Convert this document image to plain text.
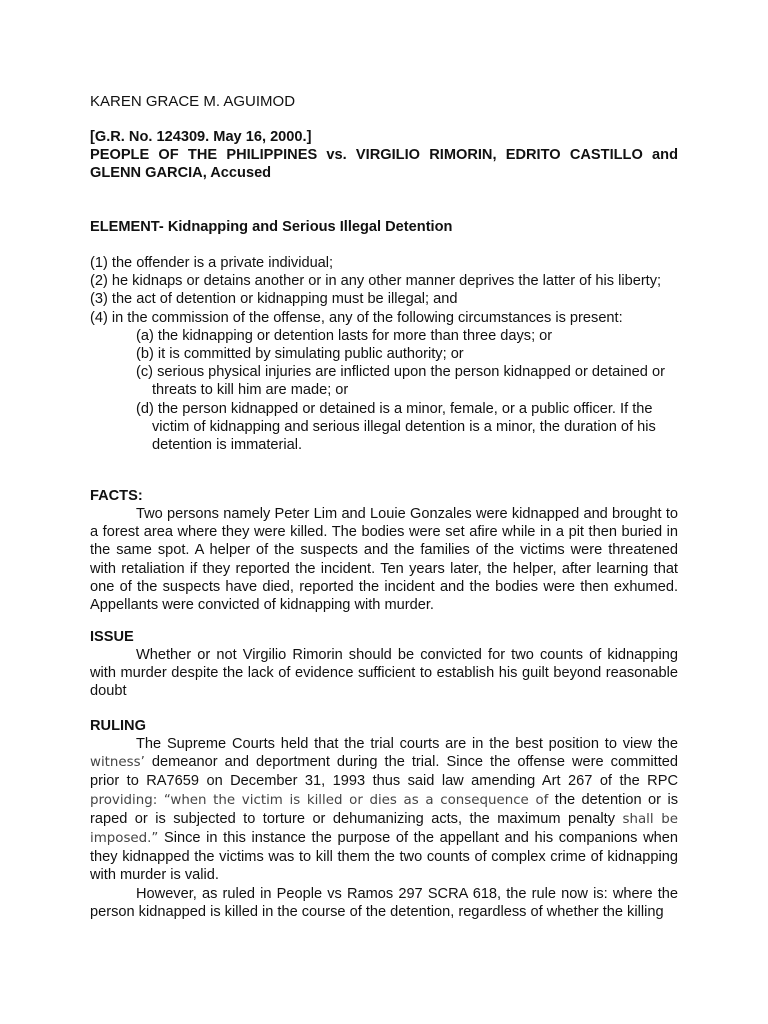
KAREN GRACE M. AGUIMOD
[G.R. No. 124309. May 16, 2000.]
PEOPLE OF THE PHILIPPINES vs. VIRGILIO RIMORIN, EDRITO CASTILLO and
GLENN GARCIA, Accused
ELEMENT- Kidnapping and Serious Illegal Detention
(1) the offender is a private individual;
(2) he kidnaps or detains another or in any other manner deprives the latter of his liberty;
(3) the act of detention or kidnapping must be illegal; and
(4) in the commission of the offense, any of the following circumstances is present:
(a) the kidnapping or detention lasts for more than three days; or
(b) it is committed by simulating public authority; or
(c) serious physical injuries are inflicted upon the person kidnapped or detained or
threats to kill him are made; or
(d) the person kidnapped or detained is a minor, female, or a public officer. If the
victim of kidnapping and serious illegal detention is a minor, the duration of his
detention is immaterial.
FACTS:

Two persons namely Peter Lim and Louie Gonzales were kidnapped and brought to a forest area where they were killed. The bodies were set afire while in a pit then buried in the same spot. A helper of the suspects and the families of the victims were threatened with retaliation if they reported the incident. Ten years later, the helper, after learning that one of the suspects have died, reported the incident and the bodies were then exhumed. Appellants were convicted of kidnapping with murder.

ISSUE

Whether or not Virgilio Rimorin should be convicted for two counts of kidnapping with murder despite the lack of evidence sufficient to establish his guilt beyond reasonable doubt

RULING

The Supreme Courts held that the trial courts are in the best position to view the witness’ demeanor and deportment during the trial. Since the offense were committed prior to RA7659 on December 31, 1993 thus said law amending Art 267 of the RPC providing: “when the victim is killed or dies as a consequence of the detention or is raped or is subjected to torture or dehumanizing acts, the maximum penalty shall be imposed.” Since in this instance the purpose of the appellant and his companions when they kidnapped the victims was to kill them the two counts of complex crime of kidnapping with murder is valid.

However, as ruled in People vs Ramos 297 SCRA 618, the rule now is: where the person kidnapped is killed in the course of the detention, regardless of whether the killing
